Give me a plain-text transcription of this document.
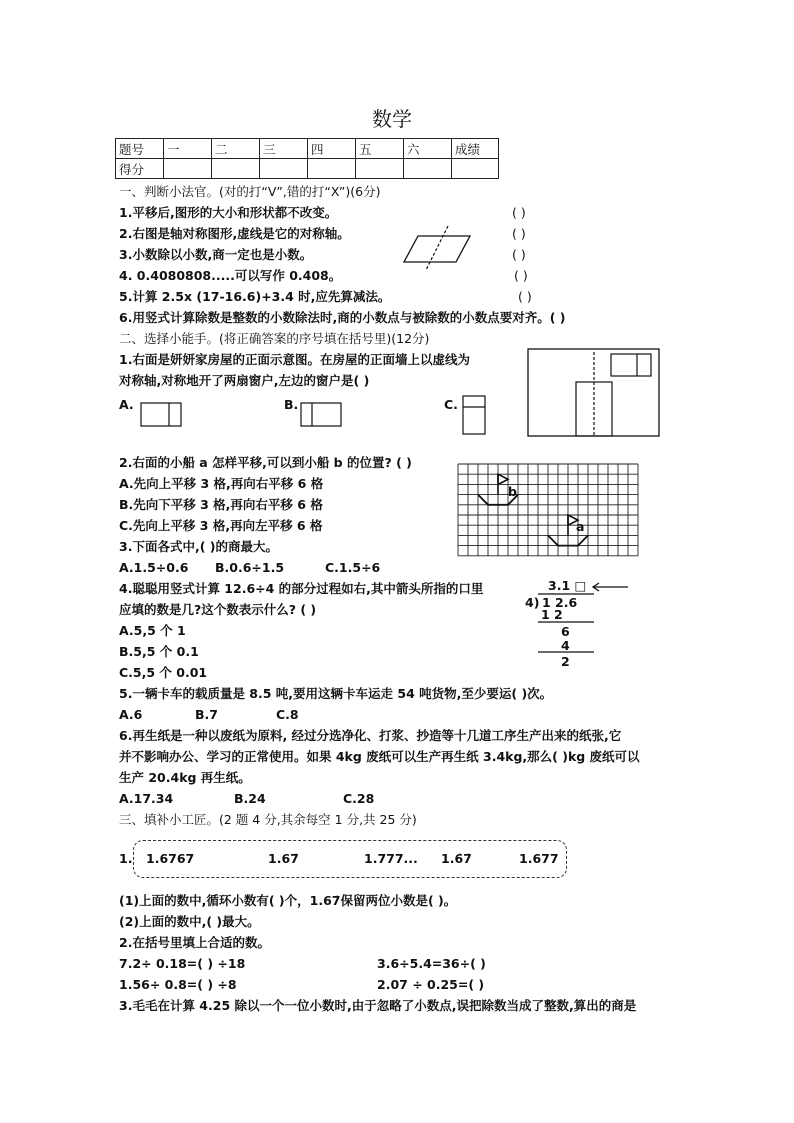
数学
题号	一	二	三	四	五	六	成绩
得分							
一、判断小法官。(对的打“V”,错的打“X”)(6分)
1.平移后,图形的大小和形状都不改变。	( )
2.右图是轴对称图形,虚线是它的对称轴。	( )
3.小数除以小数,商一定也是小数。	( )
4. 0.4080808.....可以写作 0.4̇08̇。	( )
5.计算 2.5x (17-16.6)+3.4 时,应先算减法。	( )
6.用竖式计算除数是整数的小数除法时,商的小数点与被除数的小数点要对齐。( )
二、选择小能手。(将正确答案的序号填在括号里)(12分)
1.右面是妍妍家房屋的正面示意图。在房屋的正面墙上以虚线为
对称轴,对称地开了两扇窗户,左边的窗户是( )
A.	B.	C.
2.右面的小船 a 怎样平移,可以到小船 b 的位置? ( )
A.先向上平移 3 格,再向右平移 6 格
B.先向下平移 3 格,再向右平移 6 格
C.先向上平移 3 格,再向左平移 6 格
b
a
3.下面各式中,( )的商最大。
A.1.5÷0.6 B.0.6÷1.5	C.1.5÷6
4.聪聪用竖式计算 12.6÷4 的部分过程如右,其中箭头所指的口里
应填的数是几?这个数表示什么? ( )
A.5,5 个 1
B.5,5 个 0.1
C.5,5 个 0.01
3.1 □
4) 1 2.6
1 2
6
4
2
5.一辆卡车的载质量是 8.5 吨,要用这辆卡车运走 54 吨货物,至少要运( )次。
A.6	B.7	C.8
6.再生纸是一种以废纸为原料, 经过分选净化、打浆、抄造等十几道工序生产出来的纸张,它
并不影响办公、学习的正常使用。如果 4kg 废纸可以生产再生纸 3.4kg,那么( )kg 废纸可以
生产 20.4kg 再生纸。
A.17.34	B.24	C.28
三、填补小工匠。(2 题 4 分,其余每空 1 分,共 25 分)
1. 1.6767	1.67̇	1.777... 1.6̇7̇	1.677
(1)上面的数中,循环小数有( )个，1.67̇保留两位小数是( )。
(2)上面的数中,( )最大。
2.在括号里填上合适的数。
7.2÷ 0.18=( ) ÷18	3.6÷5.4=36÷( )
1.56÷ 0.8=( ) ÷8	2.07 ÷ 0.25=( )
3.毛毛在计算 4.25 除以一个一位小数时,由于忽略了小数点,误把除数当成了整数,算出的商是
